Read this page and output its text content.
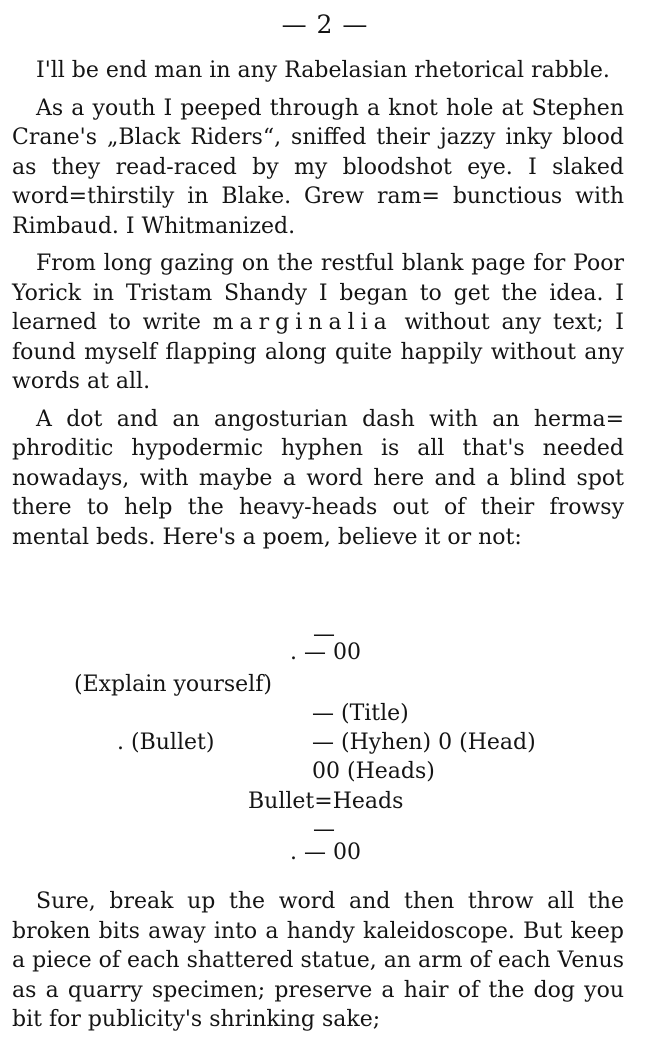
— 2 —

I'll be end man in any Rabelasian rhetorical rabble.

As a youth I peeped through a knot hole at Stephen Crane's „Black Riders“, sniffed their jazzy inky blood as they read-raced by my bloodshot eye. I slaked word=thirstily in Blake. Grew ram= bunctious with Rimbaud. I Whitmanized.

From long gazing on the restful blank page for Poor Yorick in Tristam Shandy I began to get the idea. I learned to write marginalia without any text; I found myself flapping along quite happily without any words at all.

A dot and an angosturian dash with an herma= phroditic hypodermic hyphen is all that's needed nowadays, with maybe a word here and a blind spot there to help the heavy-heads out of their frowsy mental beds. Here's a poem, believe it or not:

—
. — 00
(Explain yourself)
— (Title)
. (Bullet)	— (Hyhen) 0 (Head)
00 (Heads)
Bullet=Heads
—
. — 00

Sure, break up the word and then throw all the broken bits away into a handy kaleidoscope. But keep a piece of each shattered statue, an arm of each Venus as a quarry specimen; preserve a hair of the dog you bit for publicity's shrinking sake;
